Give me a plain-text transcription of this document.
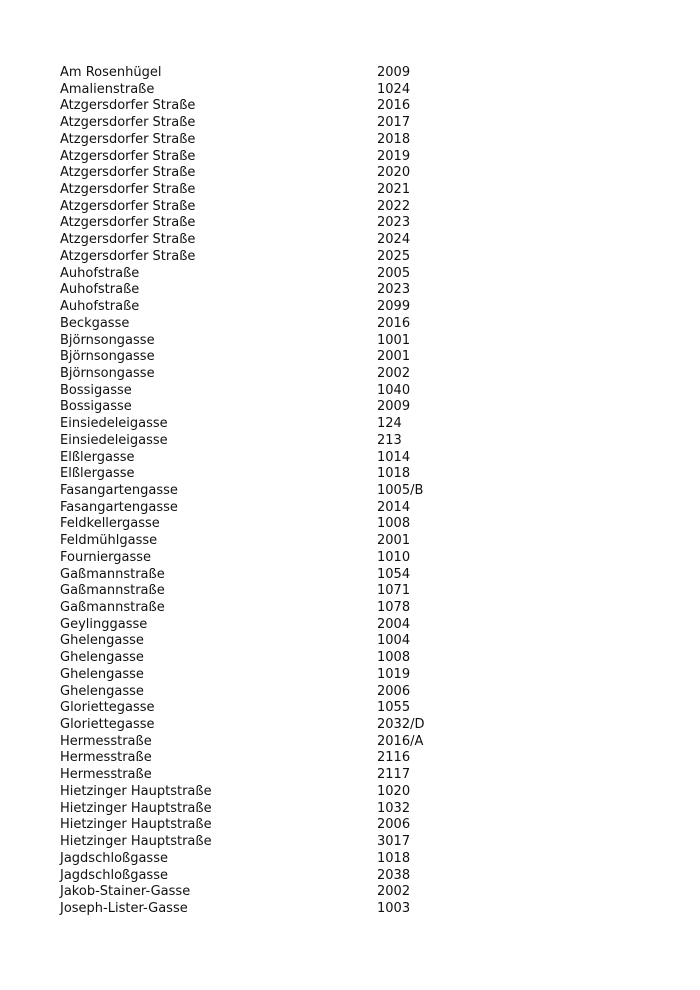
Am Rosenhügel	2009
Amalienstraße	1024
Atzgersdorfer Straße	2016
Atzgersdorfer Straße	2017
Atzgersdorfer Straße	2018
Atzgersdorfer Straße	2019
Atzgersdorfer Straße	2020
Atzgersdorfer Straße	2021
Atzgersdorfer Straße	2022
Atzgersdorfer Straße	2023
Atzgersdorfer Straße	2024
Atzgersdorfer Straße	2025
Auhofstraße	2005
Auhofstraße	2023
Auhofstraße	2099
Beckgasse	2016
Björnsongasse	1001
Björnsongasse	2001
Björnsongasse	2002
Bossigasse	1040
Bossigasse	2009
Einsiedeleigasse	124
Einsiedeleigasse	213
Elßlergasse	1014
Elßlergasse	1018
Fasangartengasse	1005/B
Fasangartengasse	2014
Feldkellergasse	1008
Feldmühlgasse	2001
Fourniergasse	1010
Gaßmannstraße	1054
Gaßmannstraße	1071
Gaßmannstraße	1078
Geylinggasse	2004
Ghelengasse	1004
Ghelengasse	1008
Ghelengasse	1019
Ghelengasse	2006
Gloriettegasse	1055
Gloriettegasse	2032/D
Hermesstraße	2016/A
Hermesstraße	2116
Hermesstraße	2117
Hietzinger Hauptstraße	1020
Hietzinger Hauptstraße	1032
Hietzinger Hauptstraße	2006
Hietzinger Hauptstraße	3017
Jagdschloßgasse	1018
Jagdschloßgasse	2038
Jakob-Stainer-Gasse	2002
Joseph-Lister-Gasse	1003
